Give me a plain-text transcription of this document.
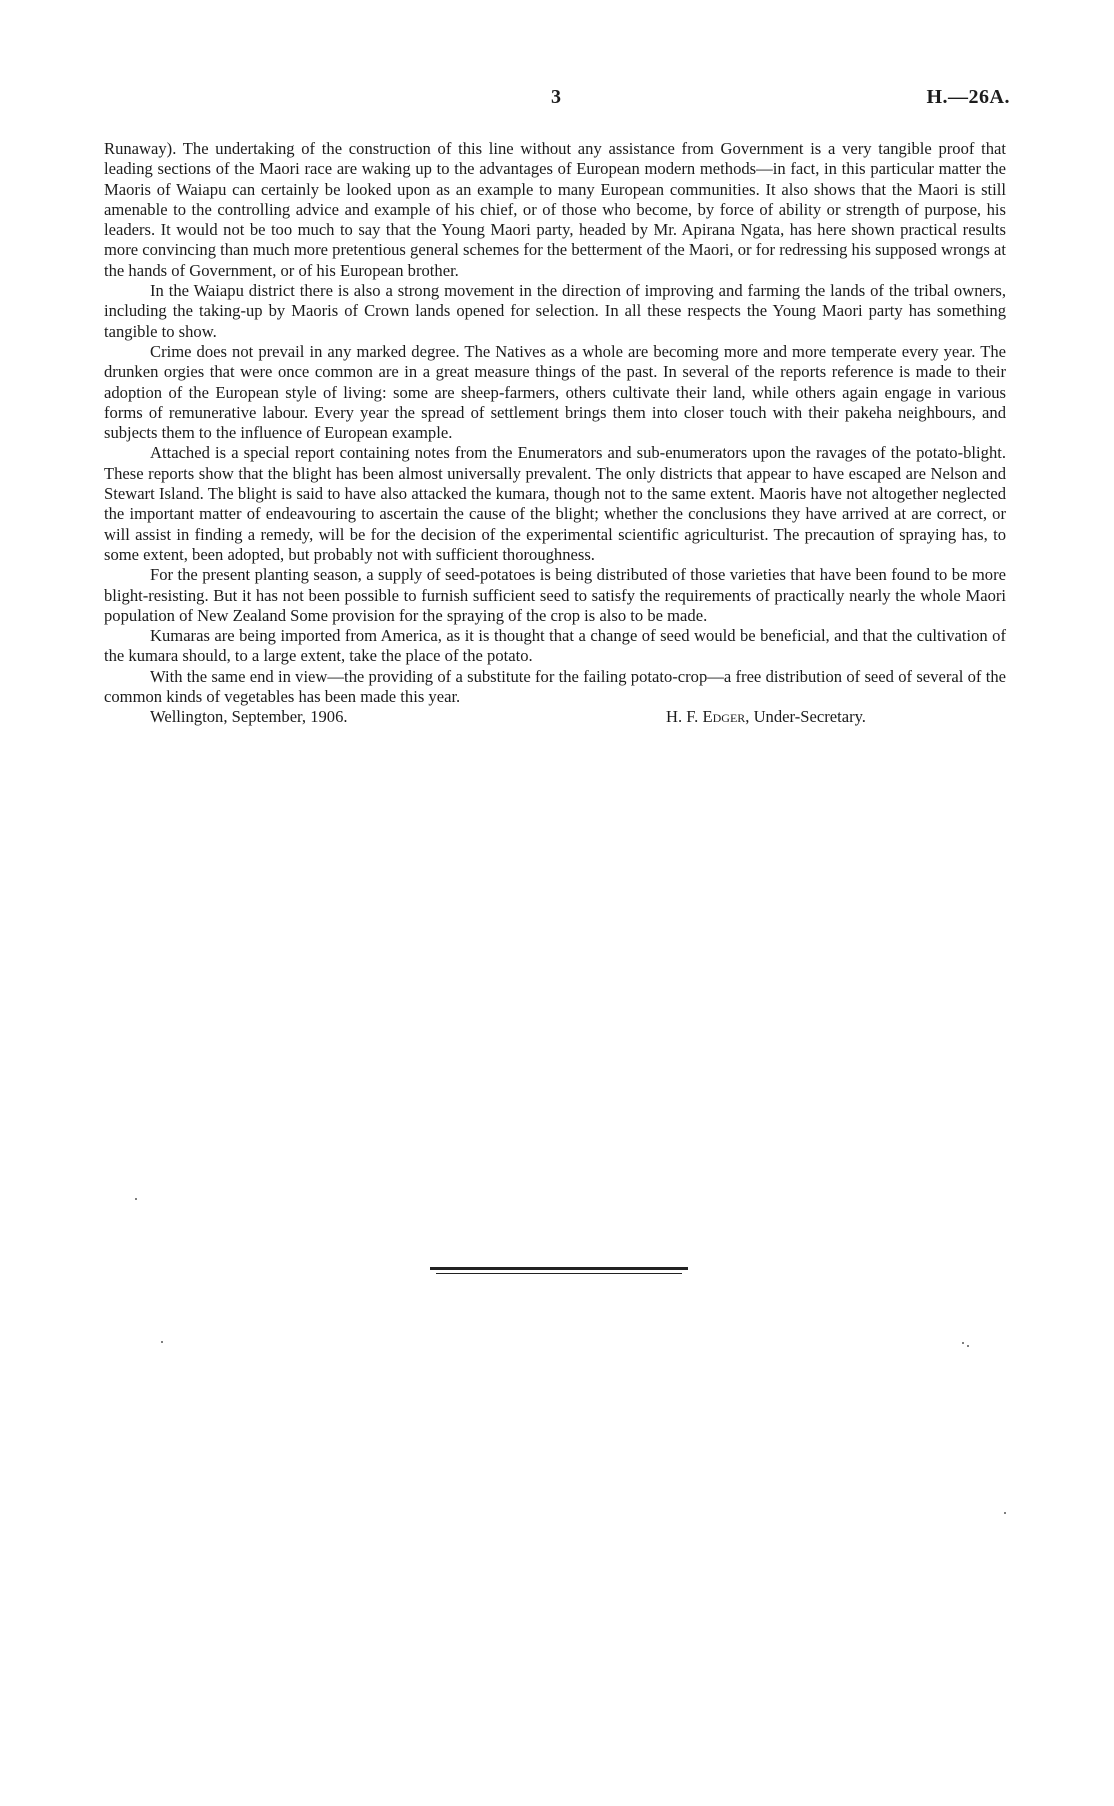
3	H.—26A.

Runaway). The undertaking of the construction of this line without any assistance from Government is a very tangible proof that leading sections of the Maori race are waking up to the advantages of European modern methods—in fact, in this particular matter the Maoris of Waiapu can certainly be looked upon as an example to many European communities. It also shows that the Maori is still amenable to the controlling advice and example of his chief, or of those who become, by force of ability or strength of purpose, his leaders. It would not be too much to say that the Young Maori party, headed by Mr. Apirana Ngata, has here shown practical results more convincing than much more pretentious general schemes for the betterment of the Maori, or for redressing his supposed wrongs at the hands of Government, or of his European brother.

In the Waiapu district there is also a strong movement in the direction of improving and farming the lands of the tribal owners, including the taking-up by Maoris of Crown lands opened for selection. In all these respects the Young Maori party has something tangible to show.

Crime does not prevail in any marked degree. The Natives as a whole are becoming more and more temperate every year. The drunken orgies that were once common are in a great measure things of the past. In several of the reports reference is made to their adoption of the European style of living: some are sheep-farmers, others cultivate their land, while others again engage in various forms of remunerative labour. Every year the spread of settlement brings them into closer touch with their pakeha neighbours, and subjects them to the influence of European example.

Attached is a special report containing notes from the Enumerators and sub-enumerators upon the ravages of the potato-blight. These reports show that the blight has been almost universally prevalent. The only districts that appear to have escaped are Nelson and Stewart Island. The blight is said to have also attacked the kumara, though not to the same extent. Maoris have not altogether neglected the important matter of endeavouring to ascertain the cause of the blight; whether the conclusions they have arrived at are correct, or will assist in finding a remedy, will be for the decision of the experimental scientific agriculturist. The precaution of spraying has, to some extent, been adopted, but probably not with sufficient thoroughness.

For the present planting season, a supply of seed-potatoes is being distributed of those varieties that have been found to be more blight-resisting. But it has not been possible to furnish sufficient seed to satisfy the requirements of practically nearly the whole Maori population of New Zealand Some provision for the spraying of the crop is also to be made.

Kumaras are being imported from America, as it is thought that a change of seed would be beneficial, and that the cultivation of the kumara should, to a large extent, take the place of the potato.

With the same end in view—the providing of a substitute for the failing potato-crop—a free distribution of seed of several of the common kinds of vegetables has been made this year.

Wellington, September, 1906.	H. F. Edger, Under-Secretary.
